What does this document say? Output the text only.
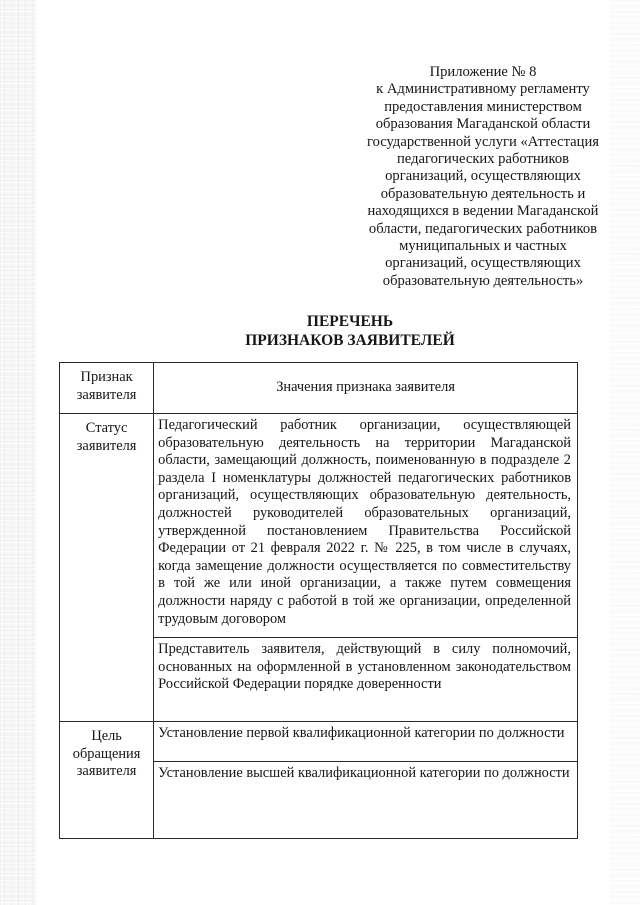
Приложение № 8
к Административному регламенту
предоставления министерством
образования Магаданской области
государственной услуги «Аттестация
педагогических работников
организаций, осуществляющих
образовательную деятельность и
находящихся в ведении Магаданской
области, педагогических работников
муниципальных и частных
организаций, осуществляющих
образовательную деятельность»
ПЕРЕЧЕНЬ
ПРИЗНАКОВ ЗАЯВИТЕЛЕЙ
Признак заявителя	Значения признака заявителя

Статус заявителя	Педагогический работник организации, осуществляющей образовательную деятельность на территории Магаданской области, замещающий должность, поименованную в подразделе 2 раздела I номенклатуры должностей педагогических работников организаций, осуществляющих образовательную деятельность, должностей руководителей образовательных организаций, утвержденной постановлением Правительства Российской Федерации от 21 февраля 2022 г. № 225, в том числе в случаях, когда замещение должности осуществляется по совместительству в той же или иной организации, а также путем совмещения должности наряду с работой в той же организации, определенной трудовым договором

	Представитель заявителя, действующий в силу полномочий, основанных на оформленной в установленном законодательством Российской Федерации порядке доверенности

Цель обращения заявителя	Установление первой квалификационной категории по должности

	Установление высшей квалификационной категории по должности
